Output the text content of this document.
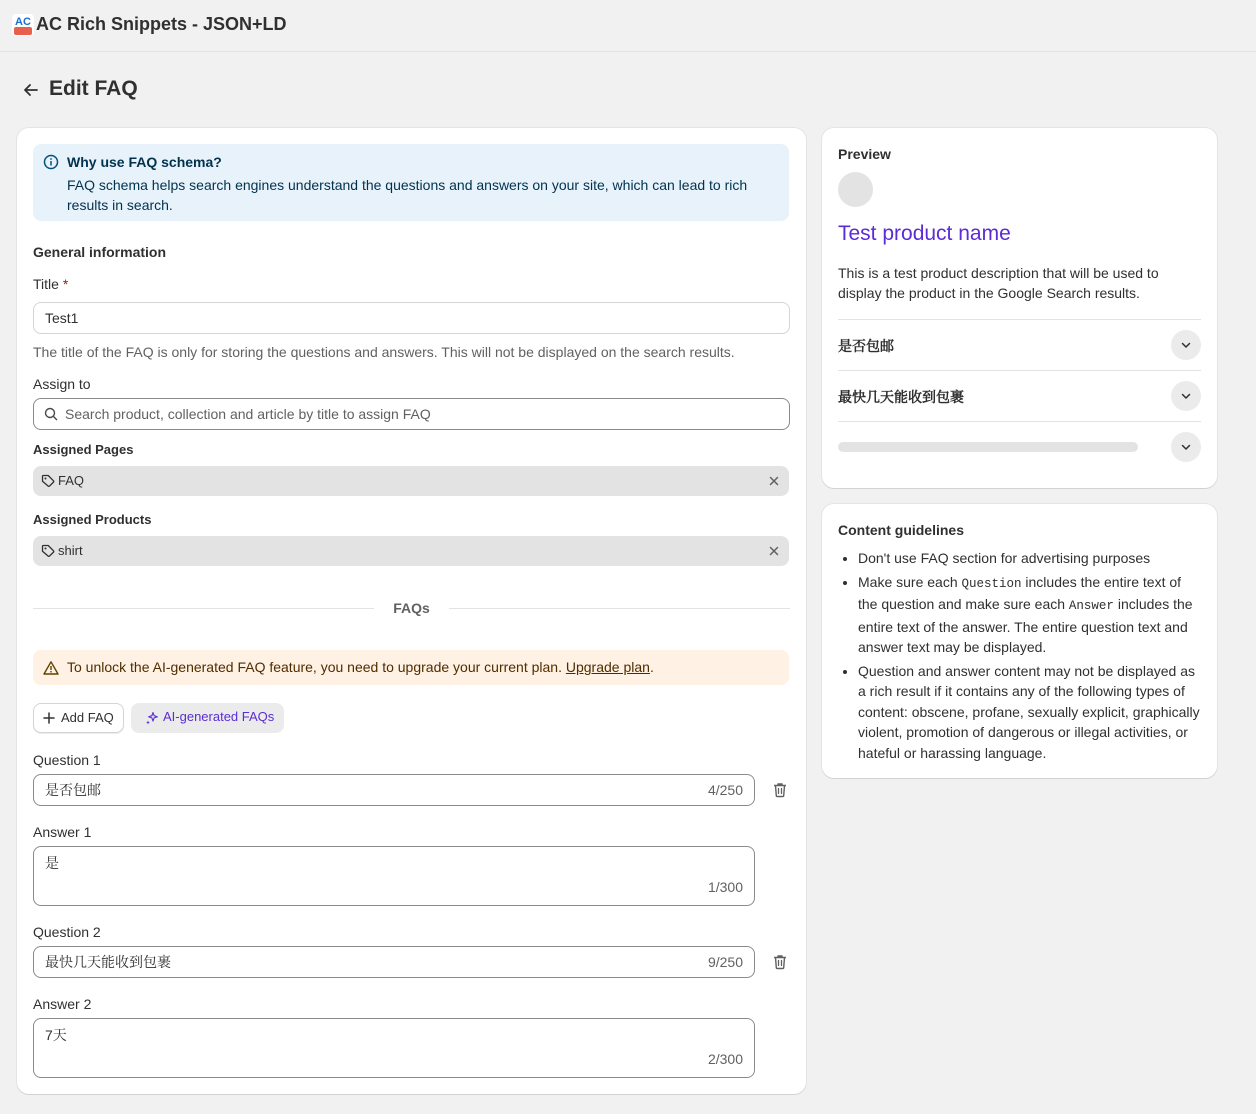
AC AC Rich Snippets - JSON+LD
Edit FAQ
Why use FAQ schema?
FAQ schema helps search engines understand the questions and answers on your site, which can lead to rich results in search.
General information
Title *
Test1
The title of the FAQ is only for storing the questions and answers. This will not be displayed on the search results.
Assign to
Search product, collection and article by title to assign FAQ
Assigned Pages
FAQ
Assigned Products
shirt
FAQs
To unlock the AI-generated FAQ feature, you need to upgrade your current plan. Upgrade plan.
Add FAQ	AI-generated FAQs
Question 1
是否包邮	4/250
Answer 1
是
1/300
Question 2
最快几天能收到包裹	9/250
Answer 2
7天
2/300
Preview
Test product name
This is a test product description that will be used to display the product in the Google Search results.
是否包邮
最快几天能收到包裹
Content guidelines
• Don't use FAQ section for advertising purposes
• Make sure each Question includes the entire text of the question and make sure each Answer includes the entire text of the answer. The entire question text and answer text may be displayed.
• Question and answer content may not be displayed as a rich result if it contains any of the following types of content: obscene, profane, sexually explicit, graphically violent, promotion of dangerous or illegal activities, or hateful or harassing language.
